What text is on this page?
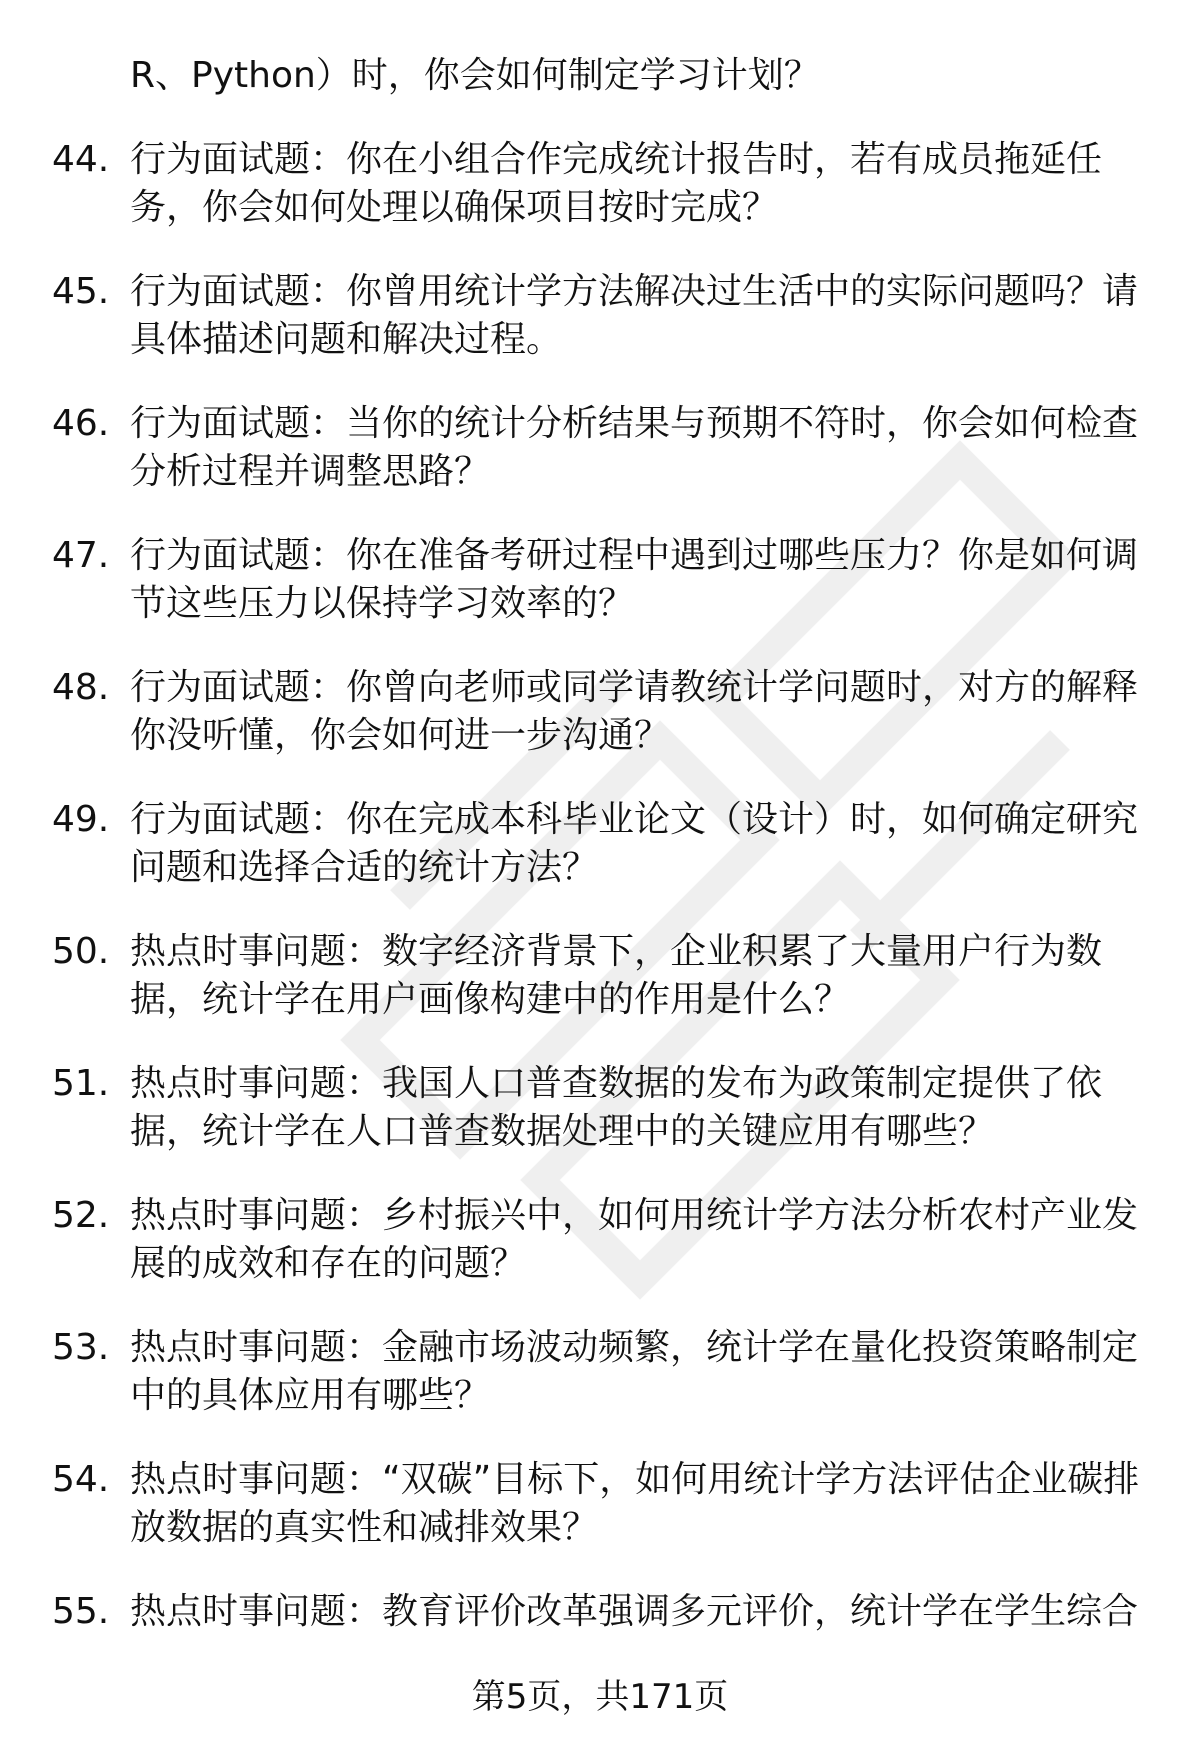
R、Python）时，你会如何制定学习计划？
44. 行为面试题：你在小组合作完成统计报告时，若有成员拖延任务，你会如何处理以确保项目按时完成？
45. 行为面试题：你曾用统计学方法解决过生活中的实际问题吗？请具体描述问题和解决过程。
46. 行为面试题：当你的统计分析结果与预期不符时，你会如何检查分析过程并调整思路？
47. 行为面试题：你在准备考研过程中遇到过哪些压力？你是如何调节这些压力以保持学习效率的？
48. 行为面试题：你曾向老师或同学请教统计学问题时，对方的解释你没听懂，你会如何进一步沟通？
49. 行为面试题：你在完成本科毕业论文（设计）时，如何确定研究问题和选择合适的统计方法？
50. 热点时事问题：数字经济背景下，企业积累了大量用户行为数据，统计学在用户画像构建中的作用是什么？
51. 热点时事问题：我国人口普查数据的发布为政策制定提供了依据，统计学在人口普查数据处理中的关键应用有哪些？
52. 热点时事问题：乡村振兴中，如何用统计学方法分析农村产业发展的成效和存在的问题？
53. 热点时事问题：金融市场波动频繁，统计学在量化投资策略制定中的具体应用有哪些？
54. 热点时事问题：“双碳”目标下，如何用统计学方法评估企业碳排放数据的真实性和减排效果？
55. 热点时事问题：教育评价改革强调多元评价，统计学在学生综合
第5页，共171页
